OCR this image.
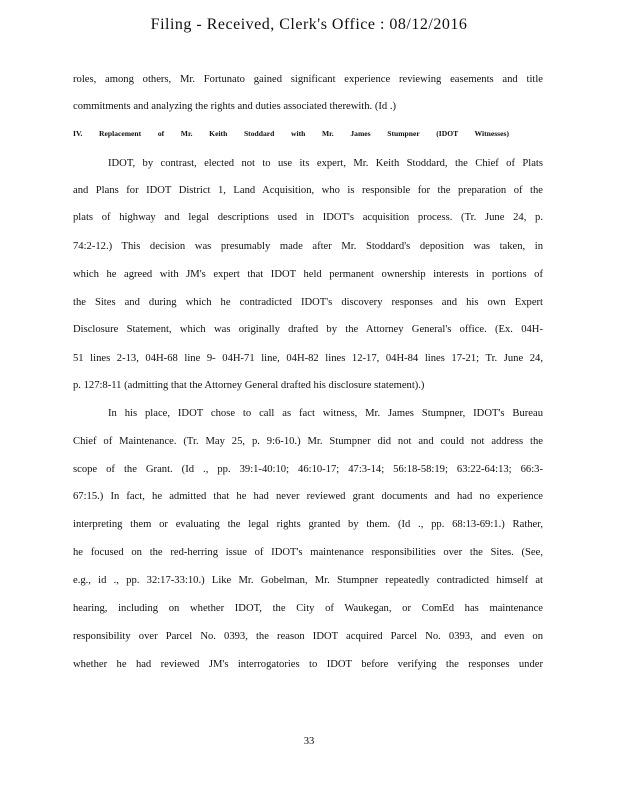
Filing - Received, Clerk's Office : 08/12/2016
roles, among others, Mr. Fortunato gained significant experience reviewing easements and title
commitments and analyzing the rights and duties associated therewith. (Id .)
IV. Replacement of Mr. Keith Stoddard with Mr. James Stumpner (IDOT Witnesses)
IDOT, by contrast, elected not to use its expert, Mr. Keith Stoddard, the Chief of Plats
and Plans for IDOT District 1, Land Acquisition, who is responsible for the preparation of the
plats of highway and legal descriptions used in IDOT's acquisition process. (Tr. June 24, p.
74:2-12.) This decision was presumably made after Mr. Stoddard's deposition was taken, in
which he agreed with JM's expert that IDOT held permanent ownership interests in portions of
the Sites and during which he contradicted IDOT's discovery responses and his own Expert
Disclosure Statement, which was originally drafted by the Attorney General's office. (Ex. 04H-
51 lines 2-13, 04H-68 line 9- 04H-71 line, 04H-82 lines 12-17, 04H-84 lines 17-21; Tr. June 24,
p. 127:8-11 (admitting that the Attorney General drafted his disclosure statement).)
In his place, IDOT chose to call as fact witness, Mr. James Stumpner, IDOT's Bureau
Chief of Maintenance. (Tr. May 25, p. 9:6-10.) Mr. Stumpner did not and could not address the
scope of the Grant. (Id ., pp. 39:1-40:10; 46:10-17; 47:3-14; 56:18-58:19; 63:22-64:13; 66:3-
67:15.) In fact, he admitted that he had never reviewed grant documents and had no experience
interpreting them or evaluating the legal rights granted by them. (Id ., pp. 68:13-69:1.) Rather,
he focused on the red-herring issue of IDOT's maintenance responsibilities over the Sites. (See,
e.g., id ., pp. 32:17-33:10.) Like Mr. Gobelman, Mr. Stumpner repeatedly contradicted himself at
hearing, including on whether IDOT, the City of Waukegan, or ComEd has maintenance
responsibility over Parcel No. 0393, the reason IDOT acquired Parcel No. 0393, and even on
whether he had reviewed JM's interrogatories to IDOT before verifying the responses under
33
